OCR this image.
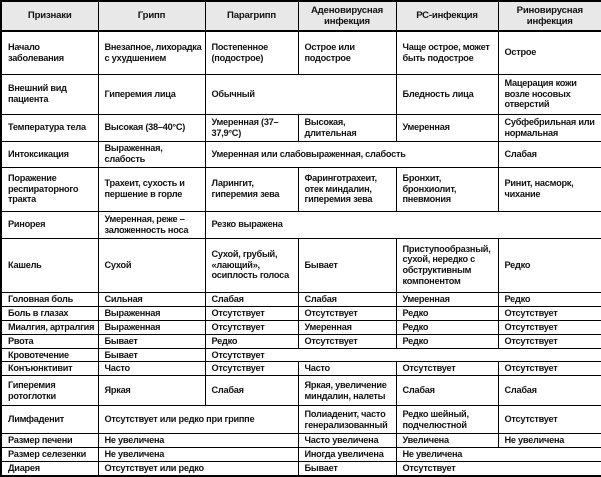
Признаки	Грипп	Парагрипп	Аденовирусная инфекция	РС-инфекция	Риновирусная инфекция
Начало заболевания	Внезапное, лихорадка с ухудшением	Постепенное (подострое)	Острое или подострое	Чаще острое, может быть подострое	Острое
Внешний вид пациента	Гиперемия лица	Обычный		Бледность лица	Мацерация кожи возле носовых отверстий
Температура тела	Высокая (38–40°С)	Умеренная (37–37,9°С)	Высокая, длительная	Умеренная	Субфебрильная или нормальная
Интоксикация	Выраженная, слабость	Умеренная или слабовыраженная, слабость			Слабая
Поражение респираторного тракта	Трахеит, сухость и першение в горле	Ларингит, гиперемия зева	Фаринготрахеит, отек миндалин, гиперемия зева	Бронхит, бронхиолит, пневмония	Ринит, насморк, чихание
Ринорея	Умеренная, реже – заложенность носа	Резко выражена			
Кашель	Сухой	Сухой, грубый, «лающий», осиплость голоса	Бывает	Приступообразный, сухой, нередко с обструктивным компонентом	Редко
Головная боль	Сильная	Слабая	Слабая	Умеренная	Редко
Боль в глазах	Выраженная	Отсутствует	Отсутствует	Редко	Отсутствует
Миалгия, артралгия	Выраженная	Отсутствует	Умеренная	Редко	Отсутствует
Рвота	Бывает	Редко	Отсутствует	Редко	Отсутствует
Кровотечение	Бывает	Отсутствует			
Конъюнктивит	Часто	Отсутствует	Часто	Отсутствует	Отсутствует
Гиперемия ротоглотки	Яркая	Слабая	Яркая, увеличение миндалин, налеты	Слабая	Слабая
Лимфаденит	Отсутствует или редко при гриппе		Полиаденит, часто генерализованный	Редко шейный, подчелюстной	Отсутствует
Размер печени	Не увеличена		Часто увеличена	Увеличена	Не увеличена
Размер селезенки	Не увеличена		Иногда увеличена	Не увеличена	
Диарея	Отсутствует или редко		Бывает	Отсутствует	
